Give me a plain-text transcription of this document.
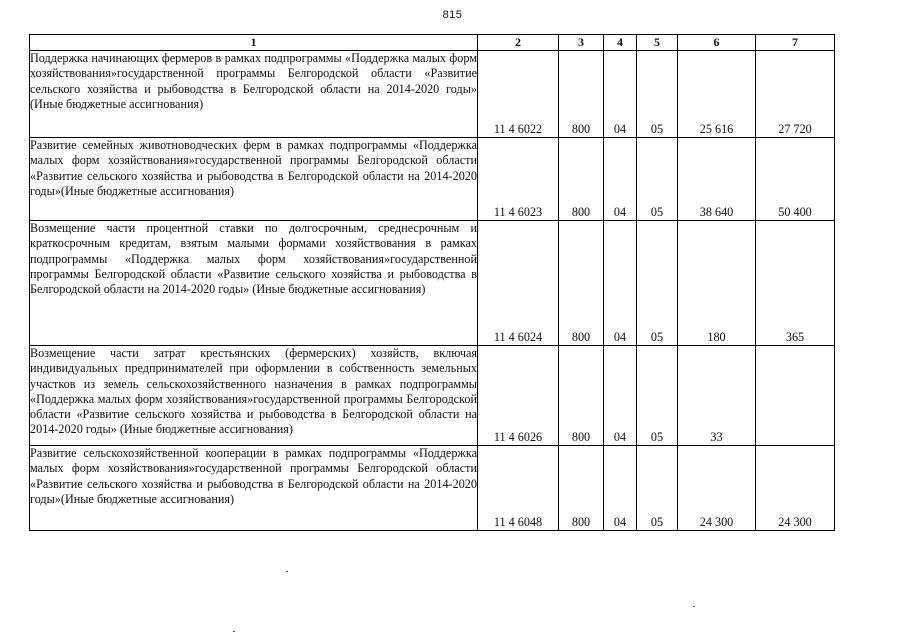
815
1	2	3	4	5	6	7

Поддержка начинающих фермеров в рамках подпрограммы «Поддержка малых форм хозяйствования»государственной программы Белгородской области «Развитие сельского хозяйства и рыбоводства в Белгородской области на 2014-2020 годы» (Иные бюджетные ассигнования)	11 4 6022	800	04	05	25 616	27 720

Развитие семейных животноводческих ферм в рамках подпрограммы «Поддержка малых форм хозяйствования»государственной программы Белгородской области «Развитие сельского хозяйства и рыбоводства в Белгородской области на 2014-2020 годы»(Иные бюджетные ассигнования)	11 4 6023	800	04	05	38 640	50 400

Возмещение части процентной ставки по долгосрочным, среднесрочным и краткосрочным кредитам, взятым малыми формами хозяйствования в рамках подпрограммы «Поддержка малых форм хозяйствования»государственной программы Белгородской области «Развитие сельского хозяйства и рыбоводства в Белгородской области на 2014-2020 годы» (Иные бюджетные ассигнования)	11 4 6024	800	04	05	180	365

Возмещение части затрат крестьянских (фермерских) хозяйств, включая индивидуальных предпринимателей при оформлении в собственность земельных участков из земель сельскохозяйственного назначения в рамках подпрограммы «Поддержка малых форм хозяйствования»государственной программы Белгородской области «Развитие сельского хозяйства и рыбоводства в Белгородской области на 2014-2020 годы» (Иные бюджетные ассигнования)	11 4 6026	800	04	05	33	

Развитие сельскохозяйственной кооперации в рамках подпрограммы «Поддержка малых форм хозяйствования»государственной программы Белгородской области «Развитие сельского хозяйства и рыбоводства в Белгородской области на 2014-2020 годы»(Иные бюджетные ассигнования)	11 4 6048	800	04	05	24 300	24 300
